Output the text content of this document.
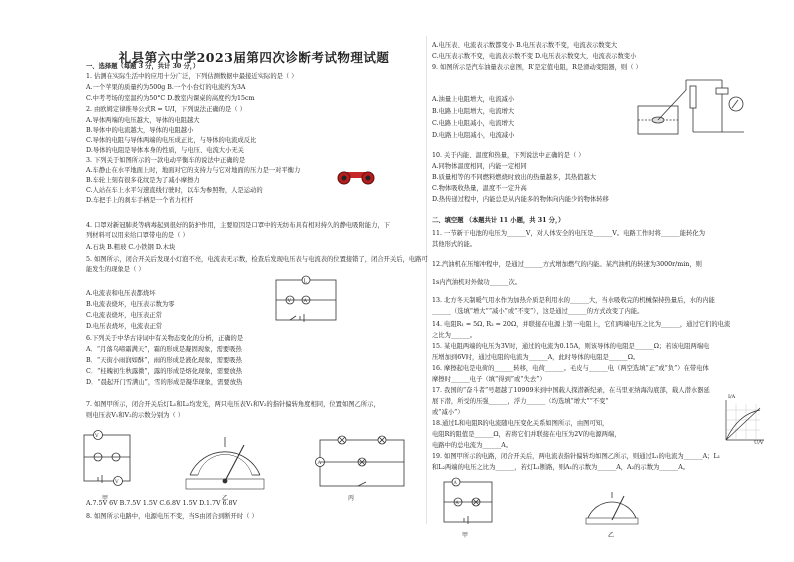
礼县第六中学2023届第四次诊断考试物理试题
一、选择题（每题 3 分，共计 30 分，）
1. 估测在实际生活中的应用十分广泛，下列估测数据中最接近实际的是（ ）
A.一个苹果的质量约为500g B.一个小台灯的电流约为3A
C.中考考场的室温约为50°C D.教室内课桌的高度约为15cm
2. 由欧姆定律推导公式R = U/I，下列说法正确的是（ ）
A.导体两端的电压越大，导体的电阻越大
B.导体中的电流越大，导体的电阻越小
C.导体的电阻与导体两端的电压成正比，与导体的电流成反比
D.导体的电阻是导体本身的性质，与电压、电流大小无关
3. 下列关于如图所示的一款电动平衡车的说法中正确的是
A.车静止在水平地面上时，地面对它的支持力与它对地面的压力是一对平衡力
B.车轮上刻有很多花纹是为了减小摩擦力
C.人站在车上水平匀速直线行驶时，以车为参照物，人是运动的
D.车把手上的刹车手柄是一个省力杠杆
4. 口罩对新冠肺炎等病毒起到很好的防护作用，主要原因是口罩中的无纺布具有相对持久的静电吸附能力，下
列材料可以用来给口罩带电的是（ ）
A.石块 B.粗玻 C.小铁钢 D.木块
5. 如图所示，闭合开关后发现小灯泡不亮，电流表无示数，检查后发现电压表与电流表的位置接错了，闭合开关后，电路可
能发生的现象是（ ）
A.电流表和电压表都烧坏
B.电流表烧坏，电压表示数为零
C.电流表烧坏，电压表正常
D.电压表烧坏，电流表正常
L
V A
6.下列关于中华古诗词中有关物态变化的分析，正确的是
A．“月落乌啼霜满天”，霜的形成是凝固现象，需要吸热
B．“天街小雨润如酥”，雨的形成是液化现象，需要吸热
C．“桂魄初生秋露微”，露的形成是熔化现象，需要放热
D．“晨起开门雪满山”，雪的形成是凝华现象，需要放热
7. 如图甲所示，闭合开关后灯L₁和L₂均发光，两只电压表V₁和V₂的指针偏转角度相同，位置如图乙所示，
则电压表V₁和V₂的示数分别为（ ）
V
V
甲	乙
A
丙
A.7.5V 6V B.7.5V 1.5V C.6.8V 1.5V D.1.7V 6.8V
8. 如图所示电路中，电源电压不变，当S由闭合到断开时（ ）
A.电压表、电流表示数都变小 B.电压表示数不变，电流表示数变大
C.电压表示数不变，电流表示数不变 D.电压表示数变大，电流表示数变小
9. 如图所示是汽车油量表示意图，R′是定值电阻，R是滑动变阻器，则（ ）
A.油量上电阻增大，电流减小
B.电路上电阻增大，电流增大
C.电路上电阻减小，电流增大
D.电路上电阻减小，电流减小
10. 关于内能、温度和热量，下列说法中正确的是（ ）
A.同物体温度相同，内能一定相同
B.质量相等的不同燃料燃烧时放出的热量越多，其热值越大
C.物体吸收热量，温度不一定升高
D.热传递过程中，内能总是从内能多的物体向内能少的物体转移
二、填空题 （本题共计 11 小题，共 31 分，）
11. 一节新干电池的电压为______V，对人体安全的电压是______V。电路工作时将______能转化为
其他形式的能。
12.汽油机在压缩冲程中，是通过______方式增加燃气的内能。某汽油机的转速为3000r/min，则
1s内汽油机对外做功______次。
13. 北方冬天制暖气用水作为加热介质是利用水的______大，当水吸收完的机械保持热量后，水的内能
______（选填“增大”“减小”或“不变”），这是通过______的方式改变了内能。
14. 电阻R₁ = 5Ω, R₂ = 20Ω，并联接在电源上第一电阻上，它们两端电压之比为______，通过它们的电流
之比为______。
15. 某电阻两端的电压为3V时，通过的电流为0.15A，则该导体的电阻是______Ω；若该电阻两端电
压增加到6V时，通过电阻的电流为______A，此时导体的电阻是______Ω。
16. 摩擦起电是电荷的______转移，电荷______。毛皮与______电（两空选填“正”或“负”）在带电体
摩擦时______电子（填“得到”或“失去”）
17. 我国的“奋斗者”号超越了10909米到中国载人探潜新纪录，在马里亚纳海沟底部，载人潜水器延
展下潜，所受的压强______，浮力______（均选填“增大”“不变”
或“减小”）
18.通过L和电阻R的电流随电压变化关系如图所示，由图可知，
电阻R的阻值是______Ω，若将它们并联接在电压为2V的电源两端，
电路中的总电流为______A。
I/A
U/V
19. 如图甲所示的电路，闭合开关后，两电流表指针偏转均如图乙所示，则通过L₁的电流为______A；L₁
和L₂两端的电压之比为______，若灯L₁断路，则A₁的示数为______A，A₂的示数为______A。
A
A
甲	乙
